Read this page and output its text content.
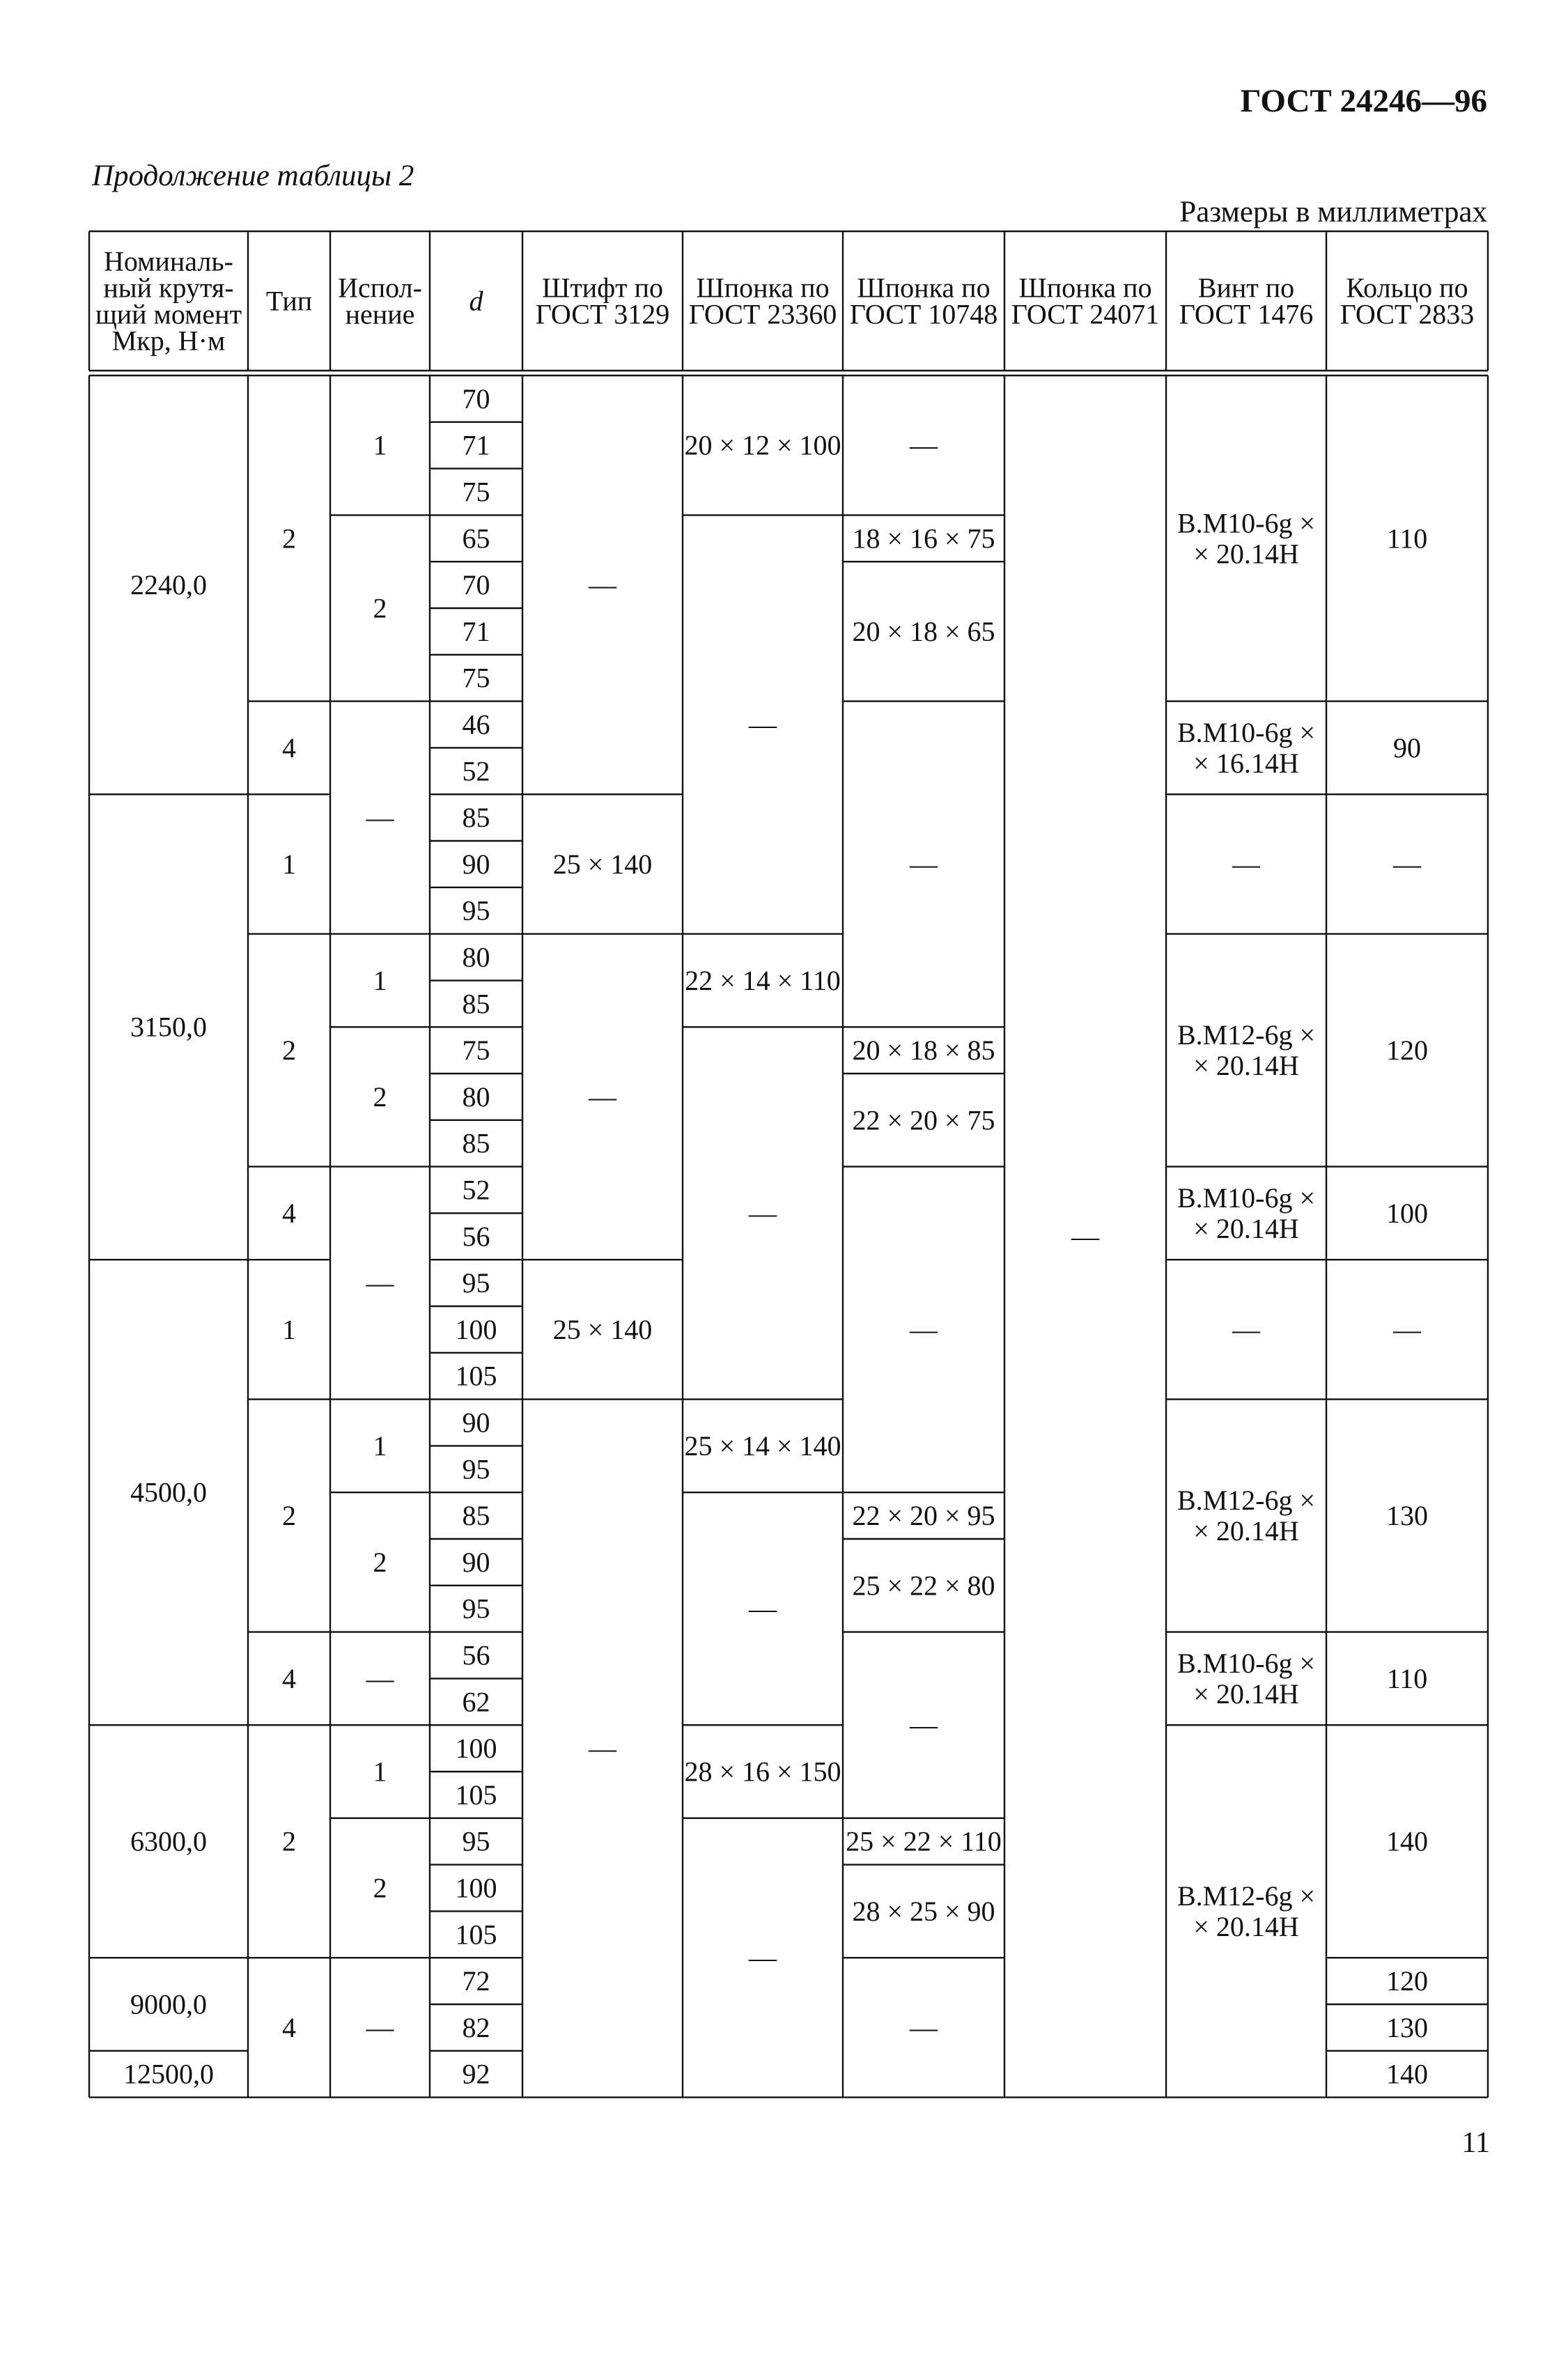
ГОСТ 24246—96
Продолжение таблицы 2
Размеры в миллиметрах
Номиналь-
ный крутя-
щий момент
Mкр, Н·м
Тип Испол-
нение d Штифт по
ГОСТ 3129
Шпонка по
ГОСТ 23360
Шпонка по
ГОСТ 10748
Шпонка по
ГОСТ 24071
Винт по
ГОСТ 1476
Кольцо по
ГОСТ 2833
2240,0
3150,0
4500,0
6300,0
9000,0
12500,0
2
4
1
2
4
1
2
4
2
4
1
2
—
1
2
—
1
2
—
1
2
—
70
71
75
65
70
71
75
46
52
85
90
95
80
85
75
80
85
52
56
95
100
105
90
95
85
90
95
56
62
100
105
95
100
105
72
82
92
—
25 × 140
—
25 × 140
—
20 × 12 × 100
—
22 × 14 × 110
—
25 × 14 × 140
—
28 × 16 × 150
—
—
18 × 16 × 75
20 × 18 × 65
—
20 × 18 × 85
22 × 20 × 75
—
22 × 20 × 95
25 × 22 × 80
—
25 × 22 × 110
28 × 25 × 90
—
—
В.М10-6g ×
× 20.14Н
В.М10-6g ×
× 16.14Н
—
В.М12-6g ×
× 20.14Н
В.М10-6g ×
× 20.14Н
—
В.М12-6g ×
× 20.14Н
В.М10-6g ×
× 20.14Н
В.М12-6g ×
× 20.14Н
110
90
—
120
100
—
130
110
140
120
130
140
11
